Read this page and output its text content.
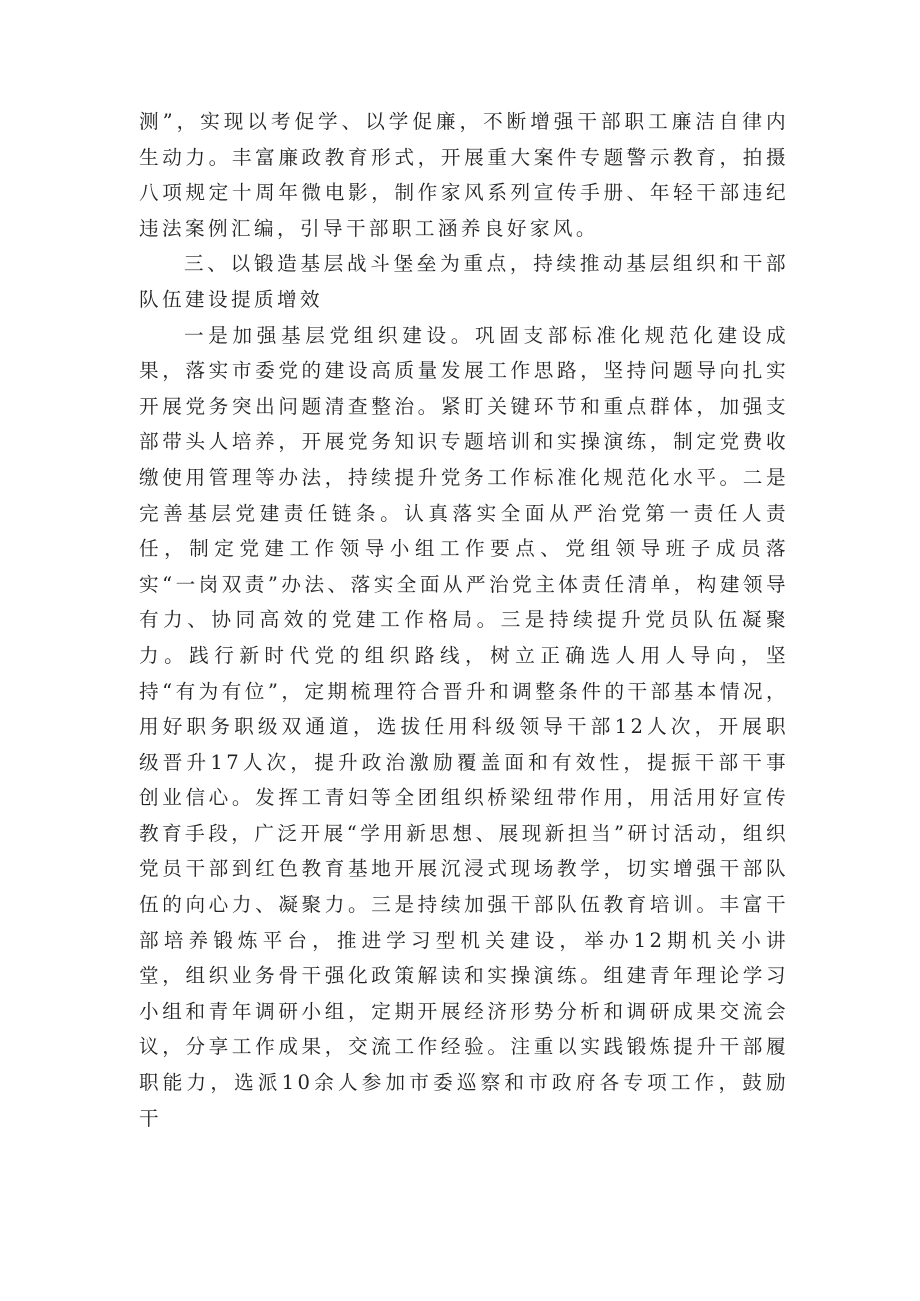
测”，实现以考促学、以学促廉，不断增强干部职工廉洁自律内生动力。丰富廉政教育形式，开展重大案件专题警示教育，拍摄八项规定十周年微电影，制作家风系列宣传手册、年轻干部违纪违法案例汇编，引导干部职工涵养良好家风。

三、以锻造基层战斗堡垒为重点，持续推动基层组织和干部队伍建设提质增效

一是加强基层党组织建设。巩固支部标准化规范化建设成果，落实市委党的建设高质量发展工作思路，坚持问题导向扎实开展党务突出问题清查整治。紧盯关键环节和重点群体，加强支部带头人培养，开展党务知识专题培训和实操演练，制定党费收缴使用管理等办法，持续提升党务工作标准化规范化水平。二是完善基层党建责任链条。认真落实全面从严治党第一责任人责任，制定党建工作领导小组工作要点、党组领导班子成员落实“一岗双责”办法、落实全面从严治党主体责任清单，构建领导有力、协同高效的党建工作格局。三是持续提升党员队伍凝聚力。践行新时代党的组织路线，树立正确选人用人导向，坚持“有为有位”，定期梳理符合晋升和调整条件的干部基本情况，用好职务职级双通道，选拔任用科级领导干部12人次，开展职级晋升17人次，提升政治激励覆盖面和有效性，提振干部干事创业信心。发挥工青妇等全团组织桥梁纽带作用，用活用好宣传教育手段，广泛开展“学用新思想、展现新担当”研讨活动，组织党员干部到红色教育基地开展沉浸式现场教学，切实增强干部队伍的向心力、凝聚力。三是持续加强干部队伍教育培训。丰富干部培养锻炼平台，推进学习型机关建设，举办12期机关小讲堂，组织业务骨干强化政策解读和实操演练。组建青年理论学习小组和青年调研小组，定期开展经济形势分析和调研成果交流会议，分享工作成果，交流工作经验。注重以实践锻炼提升干部履职能力，选派10余人参加市委巡察和市政府各专项工作，鼓励干
